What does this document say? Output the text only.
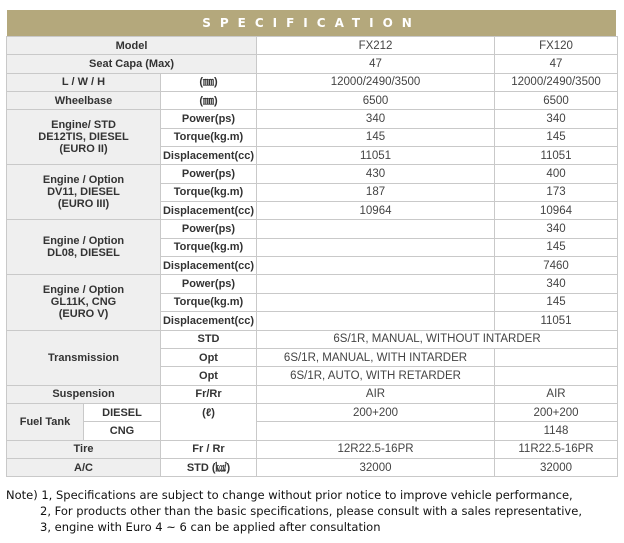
SPECIFICATION
Model			FX212	FX120
Seat Capa (Max)			47	47
L / W / H		(㎜)	12000/2490/3500	12000/2490/3500
Wheelbase		(㎜)	6500	6500

Engine/ STD
DE12TIS, DIESEL
(EURO II)		Power(ps)	340	340
		Torque(kg.m)	145	145
		Displacement(cc)	11051	11051

Engine / Option
DV11, DIESEL
(EURO III)		Power(ps)	430	400
		Torque(kg.m)	187	173
		Displacement(cc)	10964	10964

Engine / Option
DL08, DIESEL		Power(ps)		340
		Torque(kg.m)		145
		Displacement(cc)		7460

Engine / Option
GL11K, CNG
(EURO V)		Power(ps)		340
		Torque(kg.m)		145
		Displacement(cc)		11051
Transmission		STD	6S/1R, MANUAL, WITHOUT INTARDER	
		Opt	6S/1R, MANUAL, WITH INTARDER	
		Opt	6S/1R, AUTO, WITH RETARDER	
Suspension		Fr/Rr	AIR	AIR
Fuel Tank	DIESEL	(ℓ)	200+200	200+200
	CNG			1148
Tire		Fr / Rr	12R22.5-16PR	11R22.5-16PR
A/C		STD (㎉)	32000	32000
Note) 1, Specifications are subject to change without prior notice to improve vehicle performance,
2, For products other than the basic specifications, please consult with a sales representative,
3, engine with Euro 4 ~ 6 can be applied after consultation
